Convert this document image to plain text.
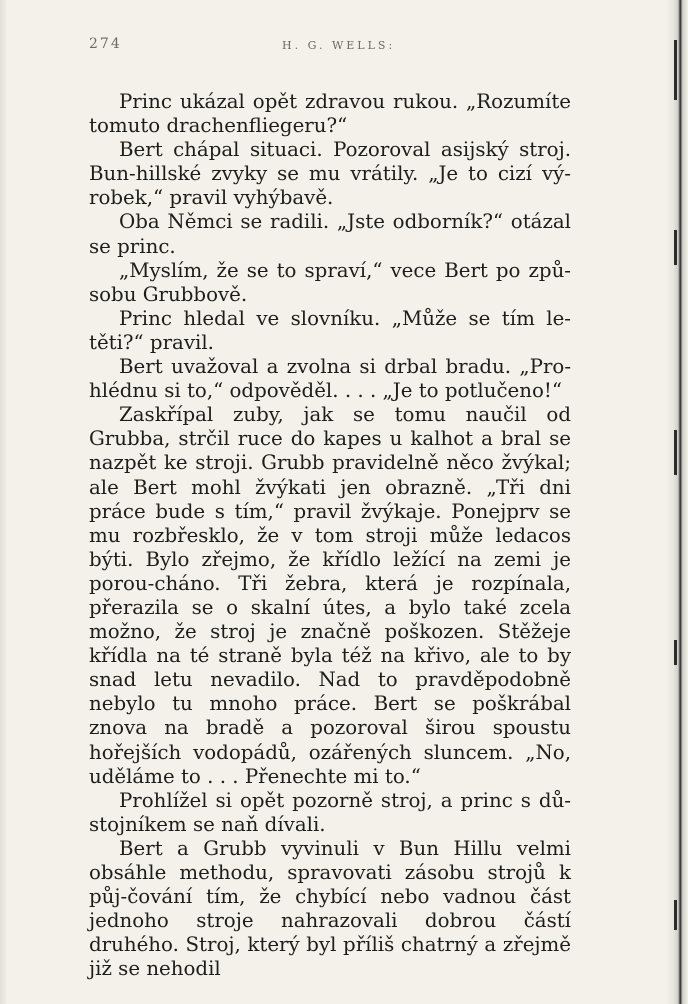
274	H. G. WELLS:

Princ ukázal opět zdravou rukou. „Rozumíte tomuto drachenfliegeru?“

Bert chápal situaci. Pozoroval asijský stroj. Bun-hillské zvyky se mu vrátily. „Je to cizí vý-robek,“ pravil vyhýbavě.

Oba Němci se radili. „Jste odborník?“ otázal se princ.

„Myslím, že se to spraví,“ vece Bert po způ-sobu Grubbově.

Princ hledal ve slovníku. „Může se tím le-těti?“ pravil.

Bert uvažoval a zvolna si drbal bradu. „Pro-hlédnu si to,“ odpověděl. . . . „Je to potlučeno!“

Zaskřípal zuby, jak se tomu naučil od Grubba, strčil ruce do kapes u kalhot a bral se nazpět ke stroji. Grubb pravidelně něco žvýkal; ale Bert mohl žvýkati jen obrazně. „Tři dni práce bude s tím,“ pravil žvýkaje. Ponejprv se mu rozbřesklo, že v tom stroji může ledacos býti. Bylo zřejmo, že křídlo ležící na zemi je porou-cháno. Tři žebra, která je rozpínala, přerazila se o skalní útes, a bylo také zcela možno, že stroj je značně poškozen. Stěžeje křídla na té straně byla též na křivo, ale to by snad letu nevadilo. Nad to pravděpodobně nebylo tu mnoho práce. Bert se poškrábal znova na bradě a pozoroval širou spoustu hořejších vodopádů, ozářených sluncem. „No, uděláme to . . . Přenechte mi to.“

Prohlížel si opět pozorně stroj, a princ s dů-stojníkem se naň dívali.

Bert a Grubb vyvinuli v Bun Hillu velmi obsáhle methodu, spravovati zásobu strojů k půj-čování tím, že chybící nebo vadnou část jednoho stroje nahrazovali dobrou částí druhého. Stroj, který byl příliš chatrný a zřejmě již se nehodil
